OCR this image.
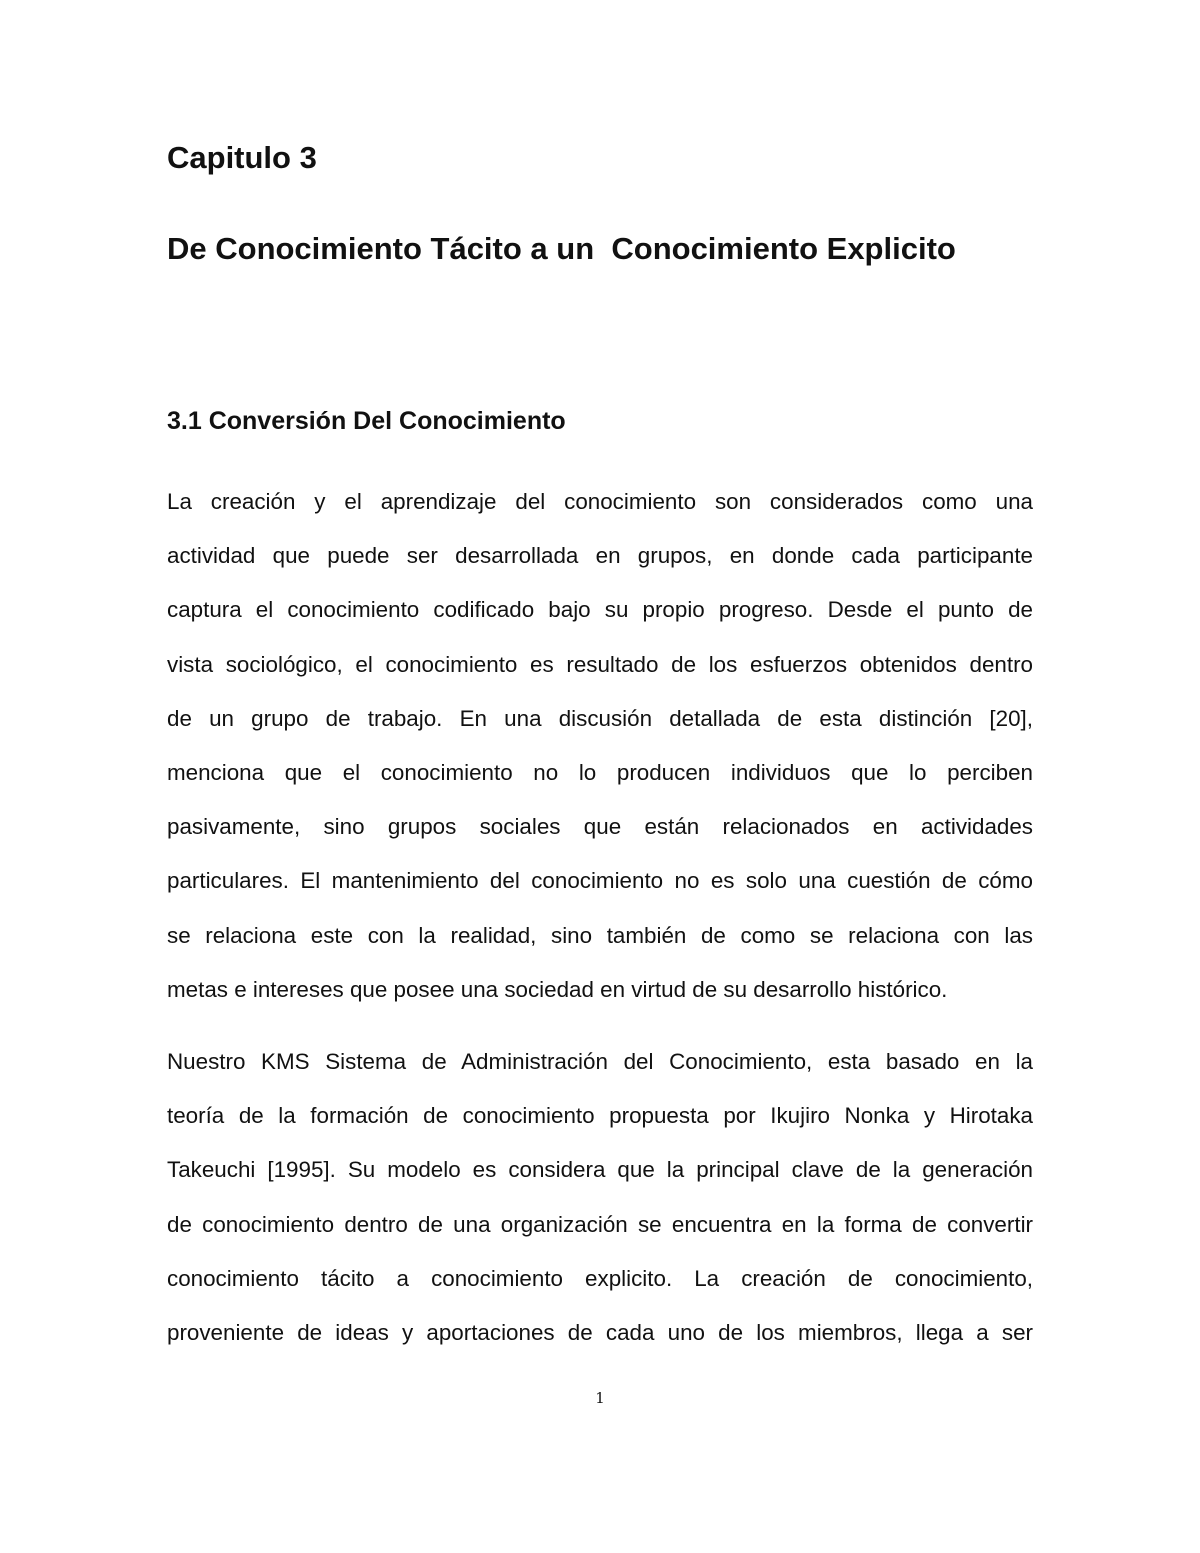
Capitulo 3
De Conocimiento Tácito a un  Conocimiento Explicito
3.1 Conversión Del Conocimiento
La creación y el aprendizaje del conocimiento son considerados como una
actividad que puede ser desarrollada en grupos, en donde cada participante
captura el conocimiento codificado bajo su propio progreso. Desde el punto de
vista sociológico, el conocimiento es resultado de los esfuerzos obtenidos dentro
de un grupo de trabajo. En una discusión detallada de esta distinción [20],
menciona que el conocimiento no lo producen individuos que lo perciben
pasivamente, sino grupos sociales que están relacionados en actividades
particulares. El mantenimiento del conocimiento no es solo una cuestión de cómo
se relaciona este con la realidad, sino también de como se relaciona con las
metas e intereses que posee una sociedad en virtud de su desarrollo histórico.
Nuestro KMS Sistema de Administración del Conocimiento, esta basado en la
teoría de la formación de conocimiento propuesta por Ikujiro Nonka y Hirotaka
Takeuchi [1995]. Su modelo es considera que la principal clave de la generación
de conocimiento dentro de una organización se encuentra en la forma de convertir
conocimiento tácito a conocimiento explicito. La creación de conocimiento,
proveniente de ideas y aportaciones de cada uno de los miembros, llega a ser
1
